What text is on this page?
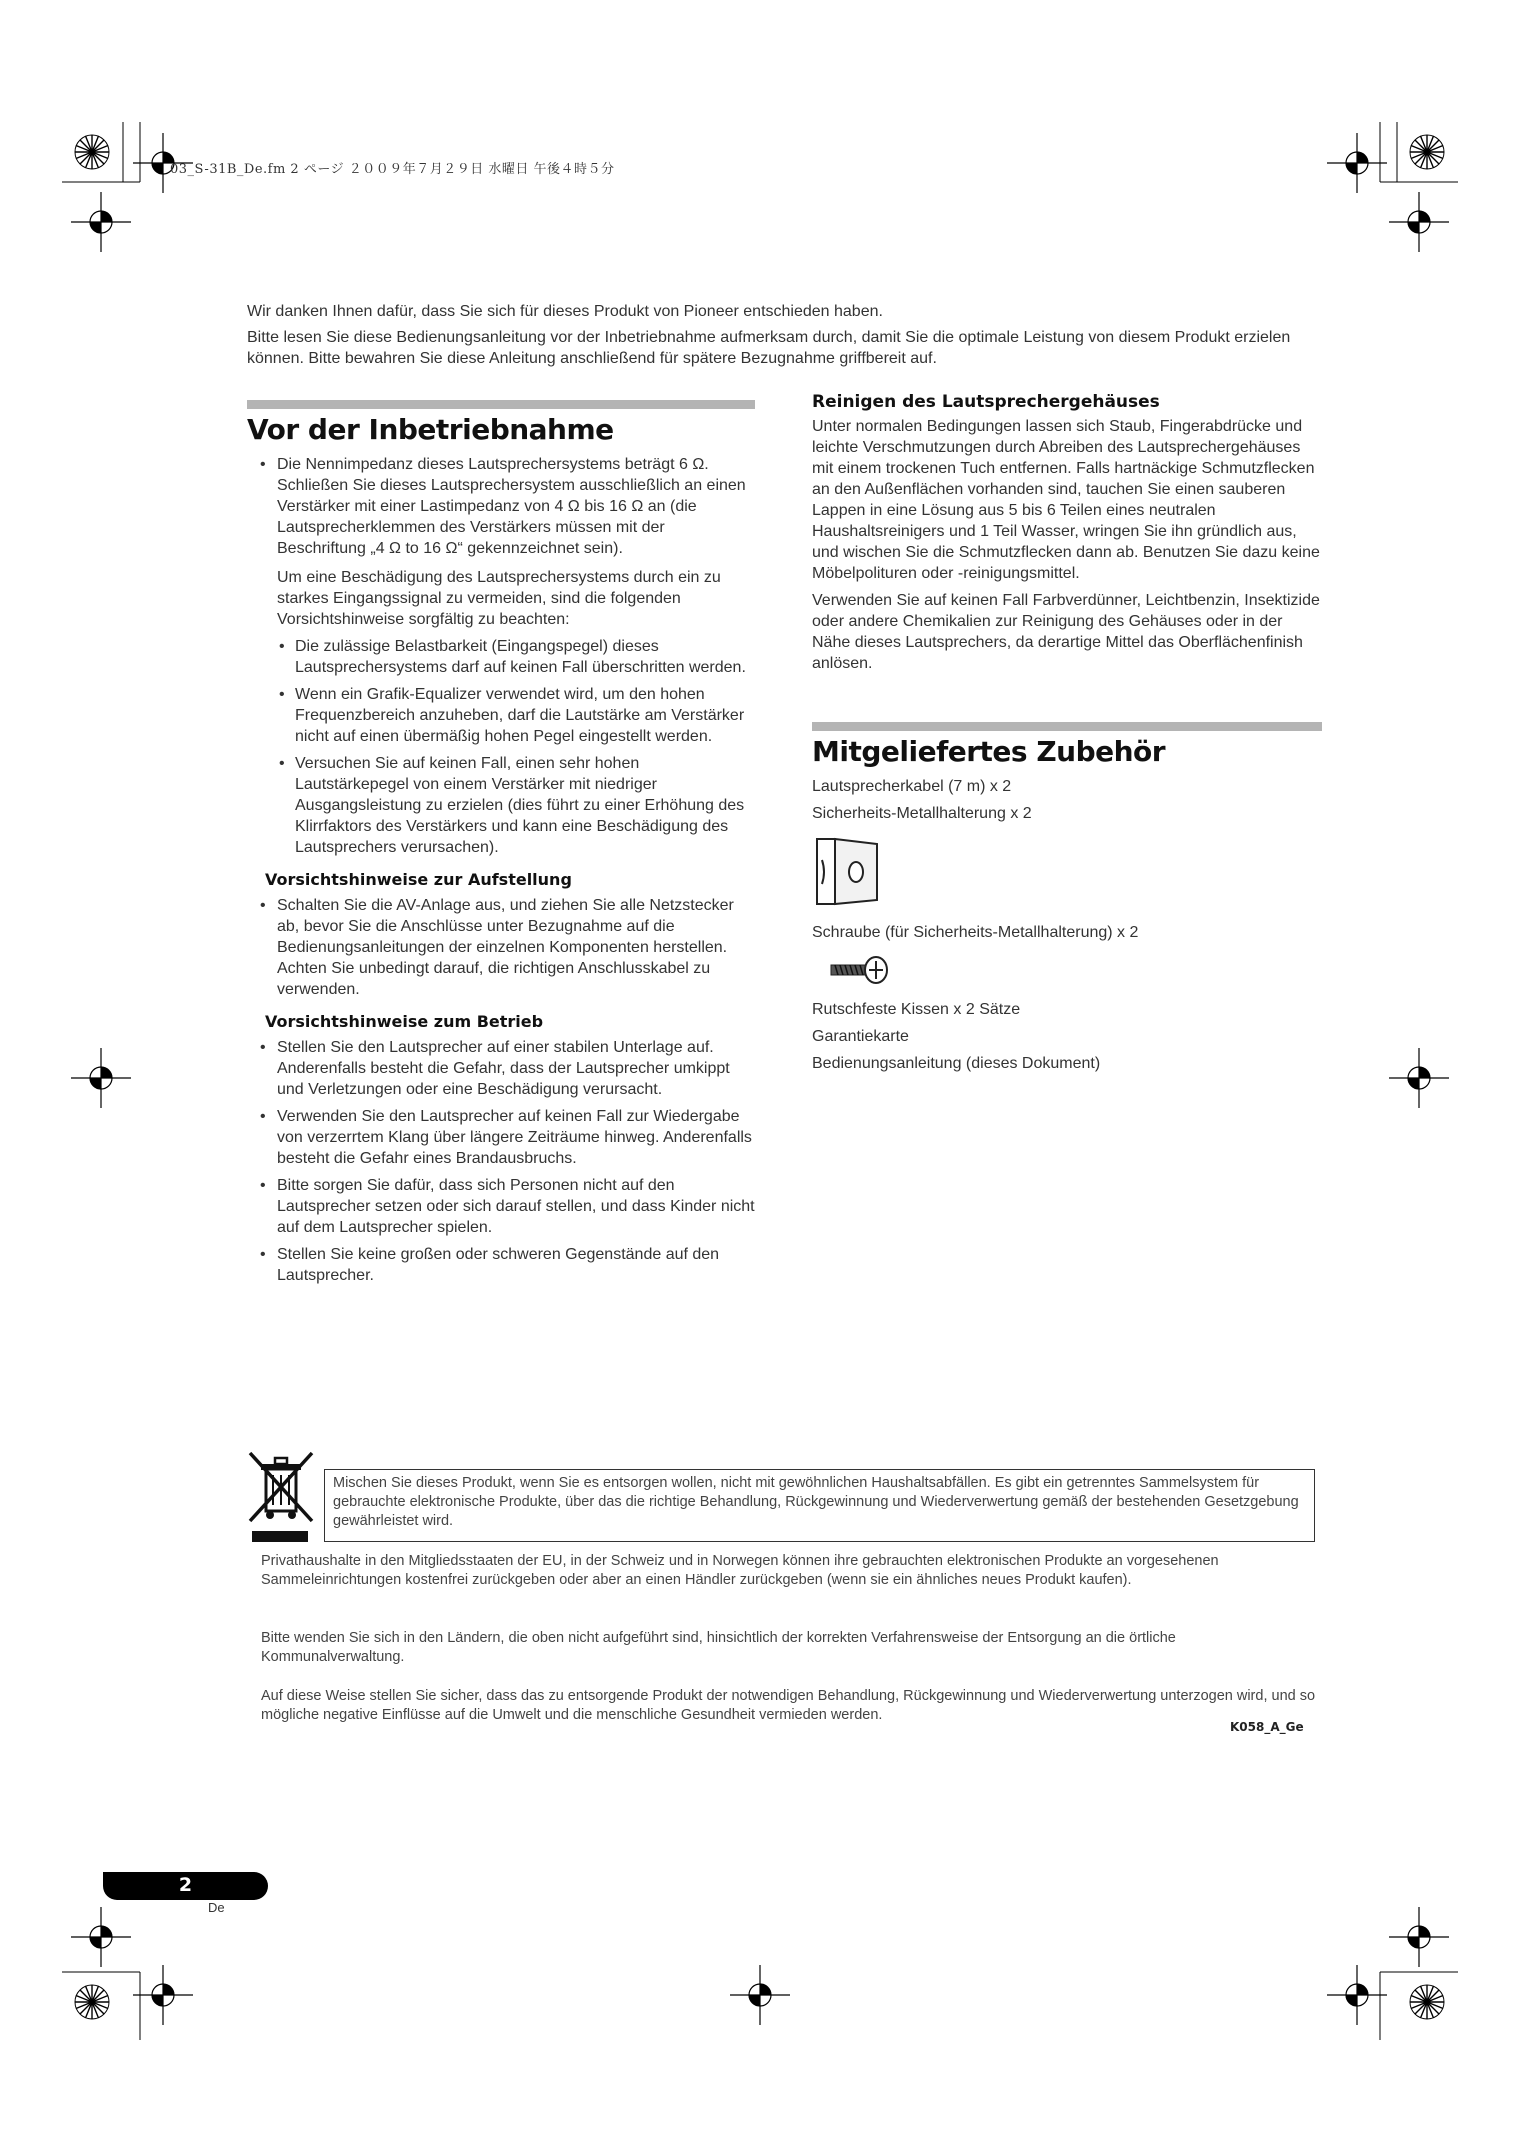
03_S-31B_De.fm 2 ページ ２００９年７月２９日 水曜日 午後４時５分
Wir danken Ihnen dafür, dass Sie sich für dieses Produkt von Pioneer entschieden haben.
Bitte lesen Sie diese Bedienungsanleitung vor der Inbetriebnahme aufmerksam durch, damit Sie die optimale Leistung von diesem Produkt erzielen können. Bitte bewahren Sie diese Anleitung anschließend für spätere Bezugnahme griffbereit auf.
Vor der Inbetriebnahme
• Die Nennimpedanz dieses Lautsprechersystems beträgt 6 Ω. Schließen Sie dieses Lautsprechersystem ausschließlich an einen Verstärker mit einer Lastimpedanz von 4 Ω bis 16 Ω an (die Lautsprecherklemmen des Verstärkers müssen mit der Beschriftung „4 Ω to 16 Ω“ gekennzeichnet sein).
Um eine Beschädigung des Lautsprechersystems durch ein zu starkes Eingangssignal zu vermeiden, sind die folgenden Vorsichtshinweise sorgfältig zu beachten:
• Die zulässige Belastbarkeit (Eingangspegel) dieses Lautsprechersystems darf auf keinen Fall überschritten werden.
• Wenn ein Grafik-Equalizer verwendet wird, um den hohen Frequenzbereich anzuheben, darf die Lautstärke am Verstärker nicht auf einen übermäßig hohen Pegel eingestellt werden.
• Versuchen Sie auf keinen Fall, einen sehr hohen Lautstärkepegel von einem Verstärker mit niedriger Ausgangsleistung zu erzielen (dies führt zu einer Erhöhung des Klirrfaktors des Verstärkers und kann eine Beschädigung des Lautsprechers verursachen).
Vorsichtshinweise zur Aufstellung
• Schalten Sie die AV-Anlage aus, und ziehen Sie alle Netzstecker ab, bevor Sie die Anschlüsse unter Bezugnahme auf die Bedienungsanleitungen der einzelnen Komponenten herstellen. Achten Sie unbedingt darauf, die richtigen Anschlusskabel zu verwenden.
Vorsichtshinweise zum Betrieb
• Stellen Sie den Lautsprecher auf einer stabilen Unterlage auf. Anderenfalls besteht die Gefahr, dass der Lautsprecher umkippt und Verletzungen oder eine Beschädigung verursacht.
• Verwenden Sie den Lautsprecher auf keinen Fall zur Wiedergabe von verzerrtem Klang über längere Zeiträume hinweg. Anderenfalls besteht die Gefahr eines Brandausbruchs.
• Bitte sorgen Sie dafür, dass sich Personen nicht auf den Lautsprecher setzen oder sich darauf stellen, und dass Kinder nicht auf dem Lautsprecher spielen.
• Stellen Sie keine großen oder schweren Gegenstände auf den Lautsprecher.
Reinigen des Lautsprechergehäuses

Unter normalen Bedingungen lassen sich Staub, Fingerabdrücke und leichte Verschmutzungen durch Abreiben des Lautsprechergehäuses mit einem trockenen Tuch entfernen. Falls hartnäckige Schmutzflecken an den Außenflächen vorhanden sind, tauchen Sie einen sauberen Lappen in eine Lösung aus 5 bis 6 Teilen eines neutralen Haushaltsreinigers und 1 Teil Wasser, wringen Sie ihn gründlich aus, und wischen Sie die Schmutzflecken dann ab. Benutzen Sie dazu keine Möbelpolituren oder -reinigungsmittel.

Verwenden Sie auf keinen Fall Farbverdünner, Leichtbenzin, Insektizide oder andere Chemikalien zur Reinigung des Gehäuses oder in der Nähe dieses Lautsprechers, da derartige Mittel das Oberflächenfinish anlösen.

Mitgeliefertes Zubehör
Lautsprecherkabel (7 m) x 2
Sicherheits-Metallhalterung x 2
Schraube (für Sicherheits-Metallhalterung) x 2
Rutschfeste Kissen x 2 Sätze
Garantiekarte
Bedienungsanleitung (dieses Dokument)
Mischen Sie dieses Produkt, wenn Sie es entsorgen wollen, nicht mit gewöhnlichen Haushaltsabfällen. Es gibt ein getrenntes Sammelsystem für gebrauchte elektronische Produkte, über das die richtige Behandlung, Rückgewinnung und Wiederverwertung gemäß der bestehenden Gesetzgebung gewährleistet wird.
Privathaushalte in den Mitgliedsstaaten der EU, in der Schweiz und in Norwegen können ihre gebrauchten elektronischen Produkte an vorgesehenen Sammeleinrichtungen kostenfrei zurückgeben oder aber an einen Händler zurückgeben (wenn sie ein ähnliches neues Produkt kaufen).
Bitte wenden Sie sich in den Ländern, die oben nicht aufgeführt sind, hinsichtlich der korrekten Verfahrensweise der Entsorgung an die örtliche Kommunalverwaltung.
Auf diese Weise stellen Sie sicher, dass das zu entsorgende Produkt der notwendigen Behandlung, Rückgewinnung und Wiederverwertung unterzogen wird, und so mögliche negative Einflüsse auf die Umwelt und die menschliche Gesundheit vermieden werden.
K058_A_Ge
2
De
